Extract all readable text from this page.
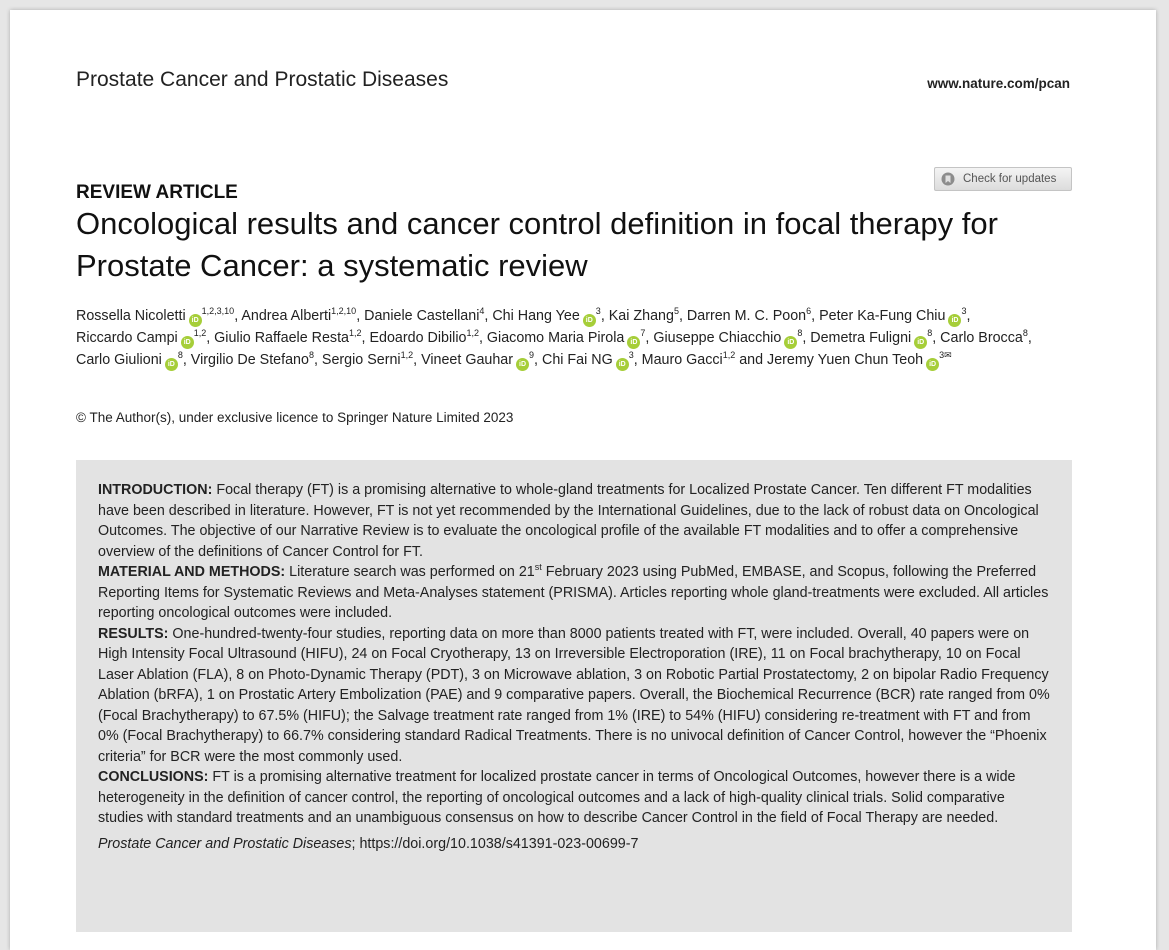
Prostate Cancer and Prostatic Diseases	www.nature.com/pcan
Check for updates
REVIEW ARTICLE
Oncological results and cancer control definition in focal therapy for Prostate Cancer: a systematic review
Rossella Nicoletti iD$^{1,2,3,10}$, Andrea Alberti$^{1,2,10}$, Daniele Castellani$^4$, Chi Hang Yee $iD^3$, Kai Zhang$^5$, Darren M. C. Poon$^6$, Peter Ka-Fung Chiu $iD^3$, Riccardo Campi iD$^{1,2}$, Giulio Raffaele Resta$^{1,2}$, Edoardo Dibilio$^{1,2}$, Giacomo Maria Pirola $iD^7$, Giuseppe Chiacchio $iD^8$, Demetra Fuligni $iD^8$, Carlo Brocca$^8$, Carlo Giulioni $iD^8$, Virgilio De Stefano$^8$, Sergio Serni$^{1,2}$, Vineet Gauhar $iD^9$, Chi Fai NG $iD^3$, Mauro Gacci$^{1,2}$ and Jeremy Yuen Chun Teoh $iD^{3✉}$
© The Author(s), under exclusive licence to Springer Nature Limited 2023

INTRODUCTION: Focal therapy (FT) is a promising alternative to whole-gland treatments for Localized Prostate Cancer. Ten different FT modalities have been described in literature. However, FT is not yet recommended by the International Guidelines, due to the lack of robust data on Oncological Outcomes. The objective of our Narrative Review is to evaluate the oncological profile of the available FT modalities and to offer a comprehensive overview of the definitions of Cancer Control for FT.

MATERIAL AND METHODS: Literature search was performed on 21st February 2023 using PubMed, EMBASE, and Scopus, following the Preferred Reporting Items for Systematic Reviews and Meta-Analyses statement (PRISMA). Articles reporting whole gland-treatments were excluded. All articles reporting oncological outcomes were included.

RESULTS: One-hundred-twenty-four studies, reporting data on more than 8000 patients treated with FT, were included. Overall, 40 papers were on High Intensity Focal Ultrasound (HIFU), 24 on Focal Cryotherapy, 13 on Irreversible Electroporation (IRE), 11 on Focal brachytherapy, 10 on Focal Laser Ablation (FLA), 8 on Photo-Dynamic Therapy (PDT), 3 on Microwave ablation, 3 on Robotic Partial Prostatectomy, 2 on bipolar Radio Frequency Ablation (bRFA), 1 on Prostatic Artery Embolization (PAE) and 9 comparative papers. Overall, the Biochemical Recurrence (BCR) rate ranged from 0% (Focal Brachytherapy) to 67.5% (HIFU); the Salvage treatment rate ranged from 1% (IRE) to 54% (HIFU) considering re-treatment with FT and from 0% (Focal Brachytherapy) to 66.7% considering standard Radical Treatments. There is no univocal definition of Cancer Control, however the “Phoenix criteria” for BCR were the most commonly used.

CONCLUSIONS: FT is a promising alternative treatment for localized prostate cancer in terms of Oncological Outcomes, however there is a wide heterogeneity in the definition of cancer control, the reporting of oncological outcomes and a lack of high-quality clinical trials. Solid comparative studies with standard treatments and an unambiguous consensus on how to describe Cancer Control in the field of Focal Therapy are needed.

Prostate Cancer and Prostatic Diseases; https://doi.org/10.1038/s41391-023-00699-7
